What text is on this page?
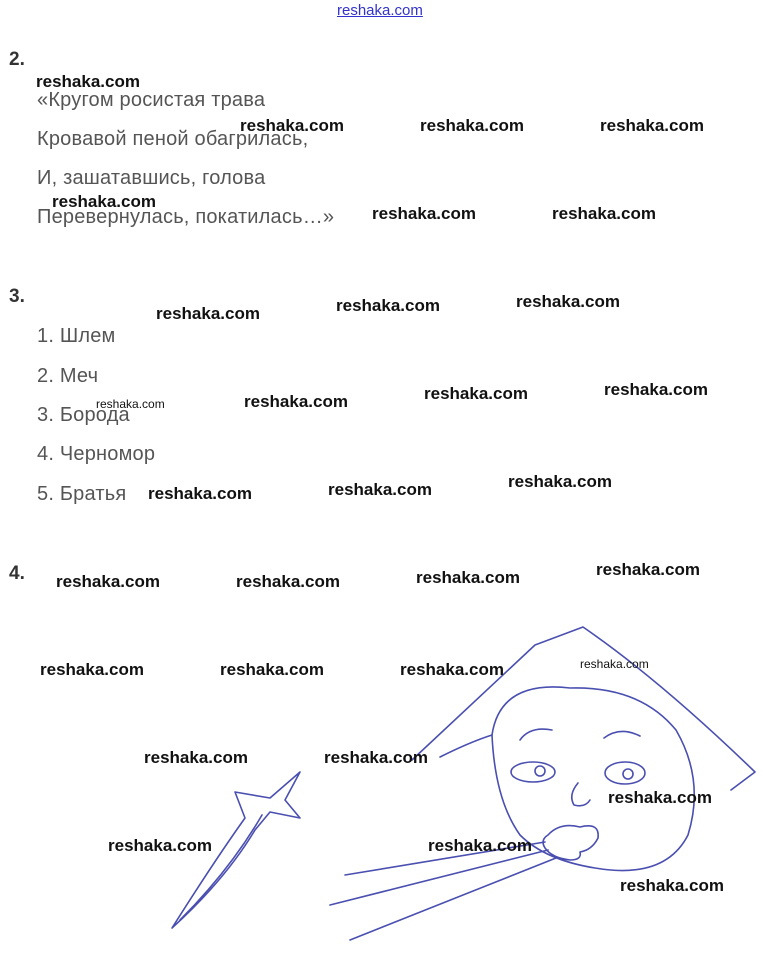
reshaka.com
2.
«Кругом росистая трава
Кровавой пеной обагрилась,
И, зашатавшись, голова
Перевернулась, покатилась…»
3.
1. Шлем
2. Меч
3. Борода
4. Черномор
5. Братья
4.
reshaka.com
reshaka.com	reshaka.com	reshaka.com
reshaka.com
reshaka.com	reshaka.com
reshaka.com	reshaka.com
reshaka.com
reshaka.com	reshaka.com
reshaka.com
reshaka.com
reshaka.com	reshaka.com	reshaka.com
reshaka.com	reshaka.com	reshaka.com	reshaka.com
reshaka.com	reshaka.com	reshaka.com	reshaka.com
reshaka.com	reshaka.com
reshaka.com
reshaka.com	reshaka.com
reshaka.com
